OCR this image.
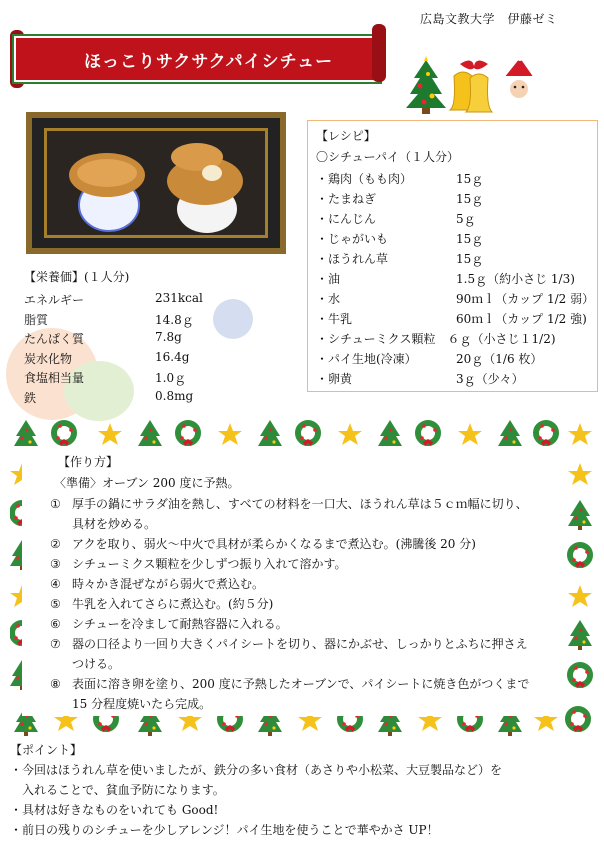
広島文教大学　伊藤ゼミ
ほっこりサクサクパイシチュー
【栄養価】(１人分)
エネルギー	231kcal
脂質	14.8ｇ
たんぱく質	7.8g
炭水化物	16.4g
食塩相当量	1.0ｇ
鉄	0.8mg
【レシピ】
〇シチューパイ（１人分）
・鶏肉（もも肉）	15ｇ
・たまねぎ	15ｇ
・にんじん	5ｇ
・じゃがいも	15ｇ
・ほうれん草	15ｇ
・油	1.5ｇ（約小さじ 1/3)
・水	90ｍｌ（カップ 1/2 弱）
・牛乳	60ｍｌ（カップ 1/2 強)
・シチューミクス顆粒　６ｇ（小さじ１1/2)
・パイ生地(冷凍）	20ｇ（1/6 枚）
・卵黄	3ｇ（少々）
【作り方】
〈準備〉オーブン 200 度に予熱。
① 厚手の鍋にサラダ油を熱し、すべての材料を一口大、ほうれん草は５ｃｍ幅に切り、
具材を炒める。
② アクを取り、弱火～中火で具材が柔らかくなるまで煮込む。(沸騰後 20 分)
③ シチューミクス顆粒を少しずつ振り入れて溶かす。
④ 時々かき混ぜながら弱火で煮込む。
⑤ 牛乳を入れてさらに煮込む。(約５分)
⑥ シチューを冷まして耐熱容器に入れる。
⑦ 器の口径より一回り大きくパイシートを切り、器にかぶせ、しっかりとふちに押さえ
つける。
⑧ 表面に溶き卵を塗り、200 度に予熱したオーブンで、パイシートに焼き色がつくまで
15 分程度焼いたら完成。
【ポイント】
・今回はほうれん草を使いましたが、鉄分の多い食材（あさりや小松菜、大豆製品など）を
　入れることで、貧血予防になります。
・具材は好きなものをいれても Good!
・前日の残りのシチューを少しアレンジ！パイ生地を使うことで華やかさ UP！
